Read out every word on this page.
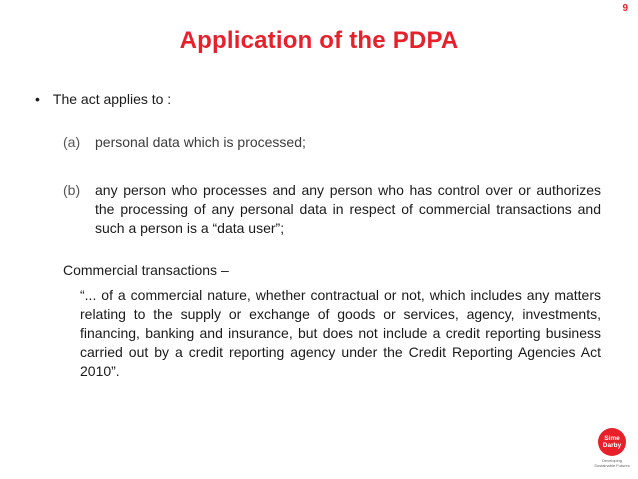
9
Application of the PDPA
• The act applies to :
(a) personal data which is processed;
(b)	any person who processes and any person who has control over or authorizes the processing of any personal data in respect of commercial transactions and such a person is a “data user”;
Commercial transactions –
“... of a commercial nature, whether contractual or not, which includes any matters relating to the supply or exchange of goods or services, agency, investments, financing, banking and insurance, but does not include a credit reporting business carried out by a credit reporting agency under the Credit Reporting Agencies Act 2010”.
Sime
Darby
Developing
Sustainable Futures
